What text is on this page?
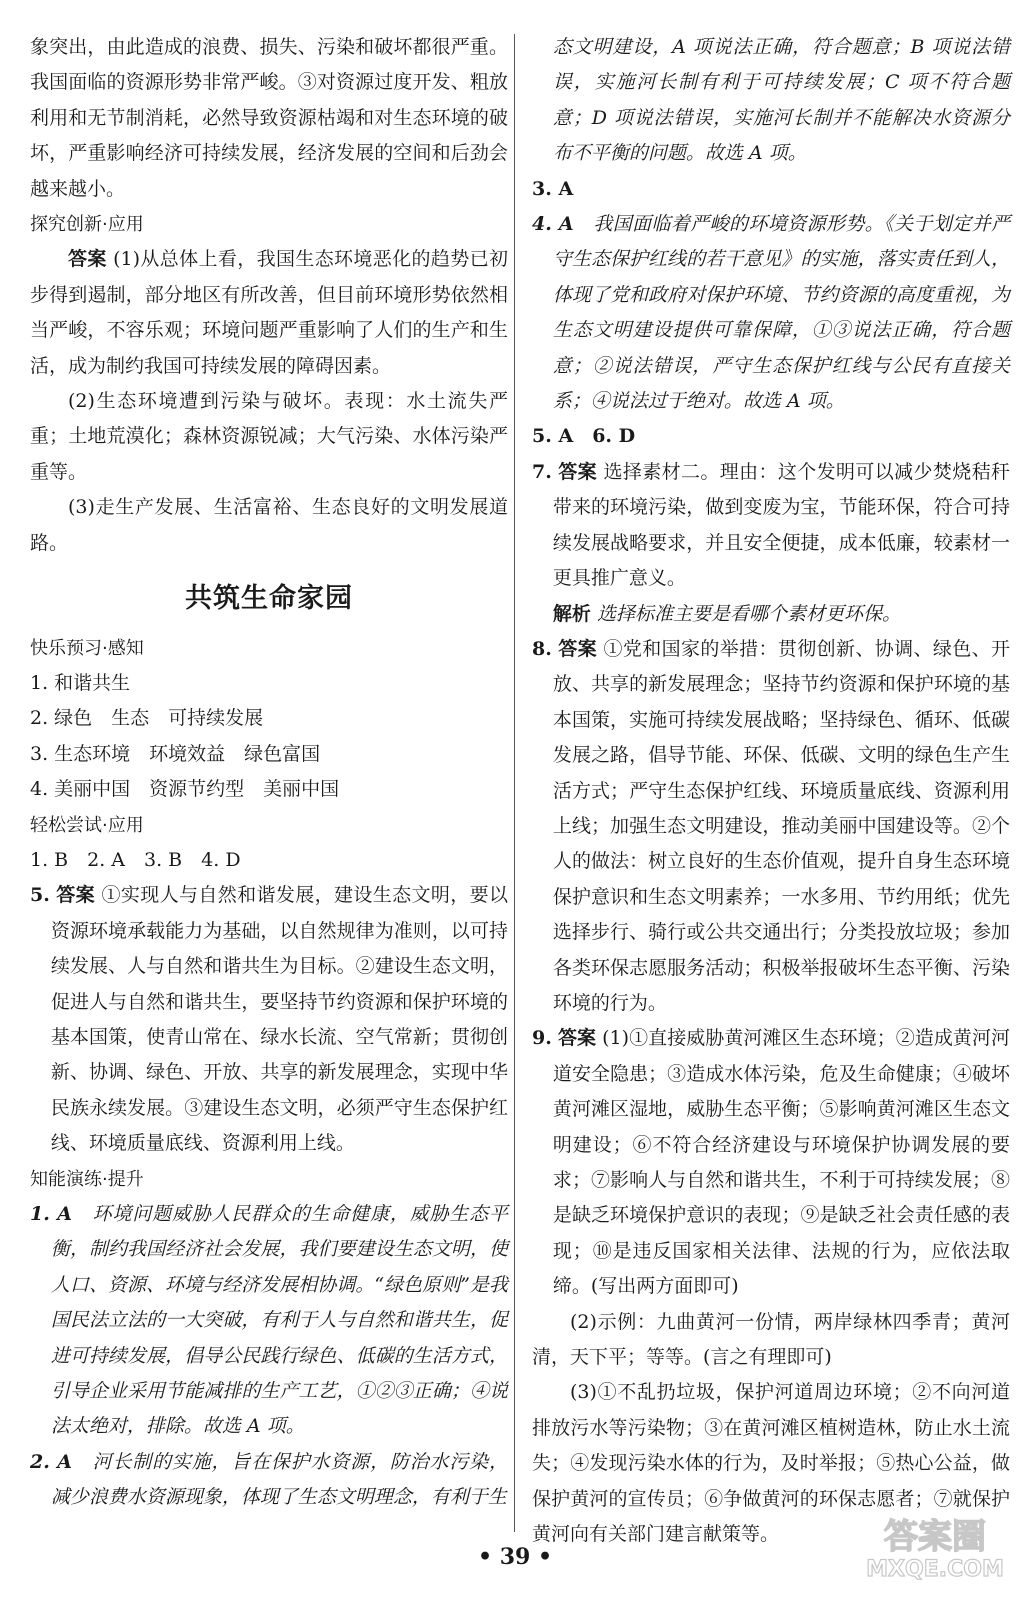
象突出，由此造成的浪费、损失、污染和破坏都很严重。我国面临的资源形势非常严峻。③对资源过度开发、粗放利用和无节制消耗，必然导致资源枯竭和对生态环境的破坏，严重影响经济可持续发展，经济发展的空间和后劲会越来越小。

探究创新·应用

答案 (1)从总体上看，我国生态环境恶化的趋势已初步得到遏制，部分地区有所改善，但目前环境形势依然相当严峻，不容乐观；环境问题严重影响了人们的生产和生活，成为制约我国可持续发展的障碍因素。

(2)生态环境遭到污染与破坏。表现：水土流失严重；土地荒漠化；森林资源锐减；大气污染、水体污染严重等。

(3)走生产发展、生活富裕、生态良好的文明发展道路。

共筑生命家园

快乐预习·感知

1. 和谐共生

2. 绿色　生态　可持续发展

3. 生态环境　环境效益　绿色富国

4. 美丽中国　资源节约型　美丽中国

轻松尝试·应用

1. B　2. A　3. B　4. D

5. 答案 ①实现人与自然和谐发展，建设生态文明，要以资源环境承载能力为基础，以自然规律为准则，以可持续发展、人与自然和谐共生为目标。②建设生态文明，促进人与自然和谐共生，要坚持节约资源和保护环境的基本国策，使青山常在、绿水长流、空气常新；贯彻创新、协调、绿色、开放、共享的新发展理念，实现中华民族永续发展。③建设生态文明，必须严守生态保护红线、环境质量底线、资源利用上线。

知能演练·提升

1. A　 环境问题威胁人民群众的生命健康，威胁生态平衡，制约我国经济社会发展，我们要建设生态文明，使人口、资源、环境与经济发展相协调。“绿色原则”是我国民法立法的一大突破，有利于人与自然和谐共生，促进可持续发展，倡导公民践行绿色、低碳的生活方式，引导企业采用节能减排的生产工艺，①②③正确；④说法太绝对，排除。故选 A 项。

2. A　 河长制的实施，旨在保护水资源，防治水污染，减少浪费水资源现象，体现了生态文明理念，有利于生

态文明建设，A 项说法正确，符合题意；B 项说法错误，实施河长制有利于可持续发展；C 项不符合题意；D 项说法错误，实施河长制并不能解决水资源分布不平衡的问题。故选 A 项。

3. A

4. A　 我国面临着严峻的环境资源形势。《关于划定并严守生态保护红线的若干意见》的实施，落实责任到人，体现了党和政府对保护环境、节约资源的高度重视，为生态文明建设提供可靠保障，①③说法正确，符合题意；②说法错误，严守生态保护红线与公民有直接关系；④说法过于绝对。故选 A 项。

5. A　6. D

7. 答案 选择素材二。理由：这个发明可以减少焚烧秸秆带来的环境污染，做到变废为宝，节能环保，符合可持续发展战略要求，并且安全便捷，成本低廉，较素材一更具推广意义。

解析 选择标准主要是看哪个素材更环保。

8. 答案 ①党和国家的举措：贯彻创新、协调、绿色、开放、共享的新发展理念；坚持节约资源和保护环境的基本国策，实施可持续发展战略；坚持绿色、循环、低碳发展之路，倡导节能、环保、低碳、文明的绿色生产生活方式；严守生态保护红线、环境质量底线、资源利用上线；加强生态文明建设，推动美丽中国建设等。②个人的做法：树立良好的生态价值观，提升自身生态环境保护意识和生态文明素养；一水多用、节约用纸；优先选择步行、骑行或公共交通出行；分类投放垃圾；参加各类环保志愿服务活动；积极举报破坏生态平衡、污染环境的行为。

9. 答案 (1)①直接威胁黄河滩区生态环境；②造成黄河河道安全隐患；③造成水体污染，危及生命健康；④破坏黄河滩区湿地，威胁生态平衡；⑤影响黄河滩区生态文明建设；⑥不符合经济建设与环境保护协调发展的要求；⑦影响人与自然和谐共生，不利于可持续发展；⑧是缺乏环境保护意识的表现；⑨是缺乏社会责任感的表现；⑩是违反国家相关法律、法规的行为，应依法取缔。(写出两方面即可)

(2)示例：九曲黄河一份情，两岸绿林四季青；黄河清，天下平；等等。(言之有理即可)

(3)①不乱扔垃圾，保护河道周边环境；②不向河道排放污水等污染物；③在黄河滩区植树造林，防止水土流失；④发现污染水体的行为，及时举报；⑤热心公益，做保护黄河的宣传员；⑥争做黄河的环保志愿者；⑦就保护黄河向有关部门建言献策等。

• 39 •	答案圈
MXQE.COM
